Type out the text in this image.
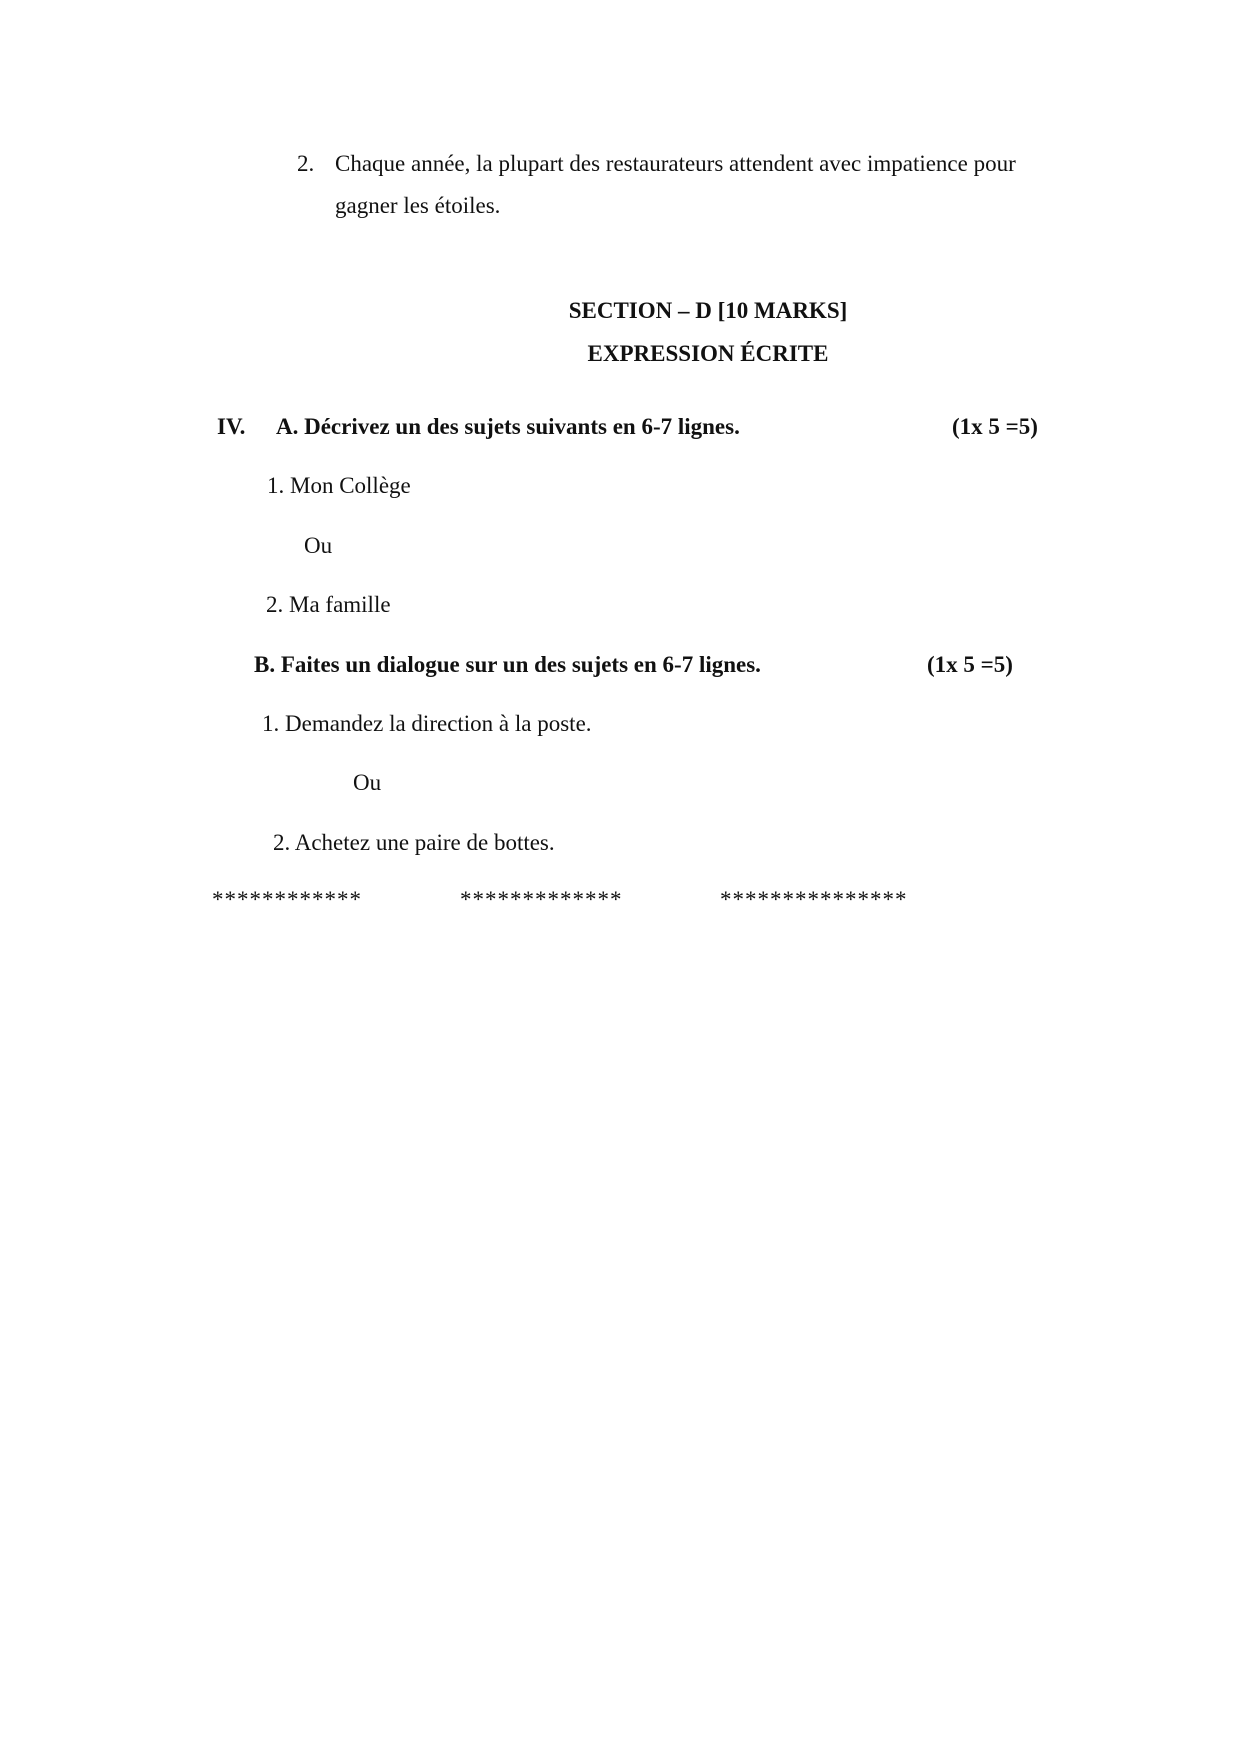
2. Chaque année, la plupart des restaurateurs attendent avec impatience pour
gagner les étoiles.
SECTION – D [10 MARKS]
EXPRESSION ÉCRITE
IV. A. Décrivez un des sujets suivants en 6-7 lignes.	(1x 5 =5)
1. Mon Collège
Ou
2. Ma famille
B. Faites un dialogue sur un des sujets en 6-7 lignes.	(1x 5 =5)
1. Demandez la direction à la poste.
Ou
2. Achetez une paire de bottes.
************	*************	***************
